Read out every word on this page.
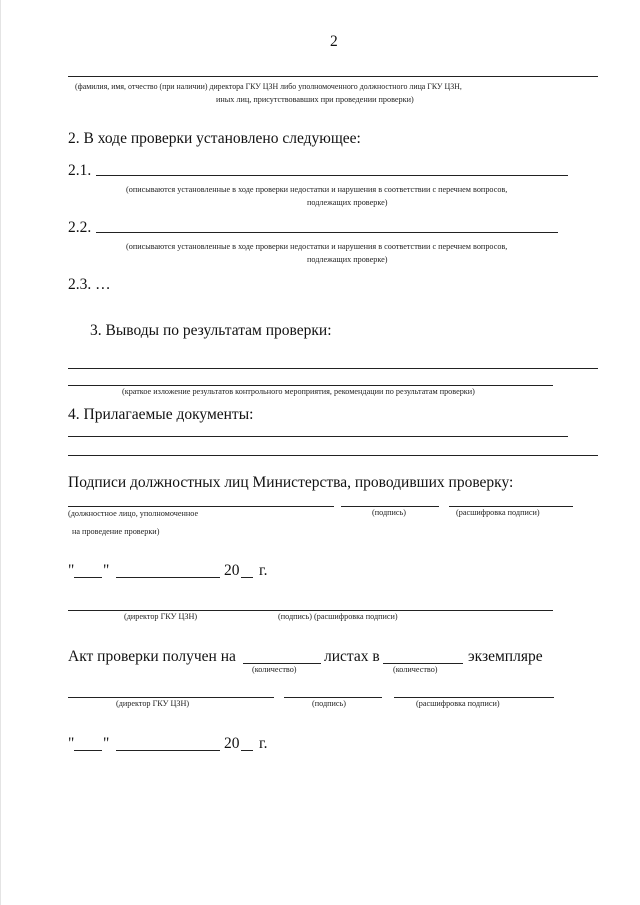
2
(фамилия, имя, отчество (при наличии) директора ГКУ ЦЗН либо уполномоченного должностного лица ГКУ ЦЗН,
иных лиц, присутствовавших при проведении проверки)
2. В ходе проверки установлено следующее:
2.1.
(описываются установленные в ходе проверки недостатки и нарушения в соответствии с перечнем вопросов,
подлежащих проверке)
2.2.
(описываются установленные в ходе проверки недостатки и нарушения в соответствии с перечнем вопросов,
подлежащих проверке)
2.3. …
3. Выводы по результатам проверки:
(краткое изложение результатов контрольного мероприятия, рекомендации по результатам проверки)
4. Прилагаемые документы:
Подписи должностных лиц Министерства, проводивших проверку:
(должностное лицо, уполномоченное	(подпись)	(расшифровка подписи)
на проведение проверки)
" "	20 г.
(директор ГКУ ЦЗН)	(подпись) (расшифровка подписи)
Акт проверки получен на
(количество)
листах в
(количество)
экземпляре
(директор ГКУ ЦЗН)	(подпись)	(расшифровка подписи)
" "	20 г.
